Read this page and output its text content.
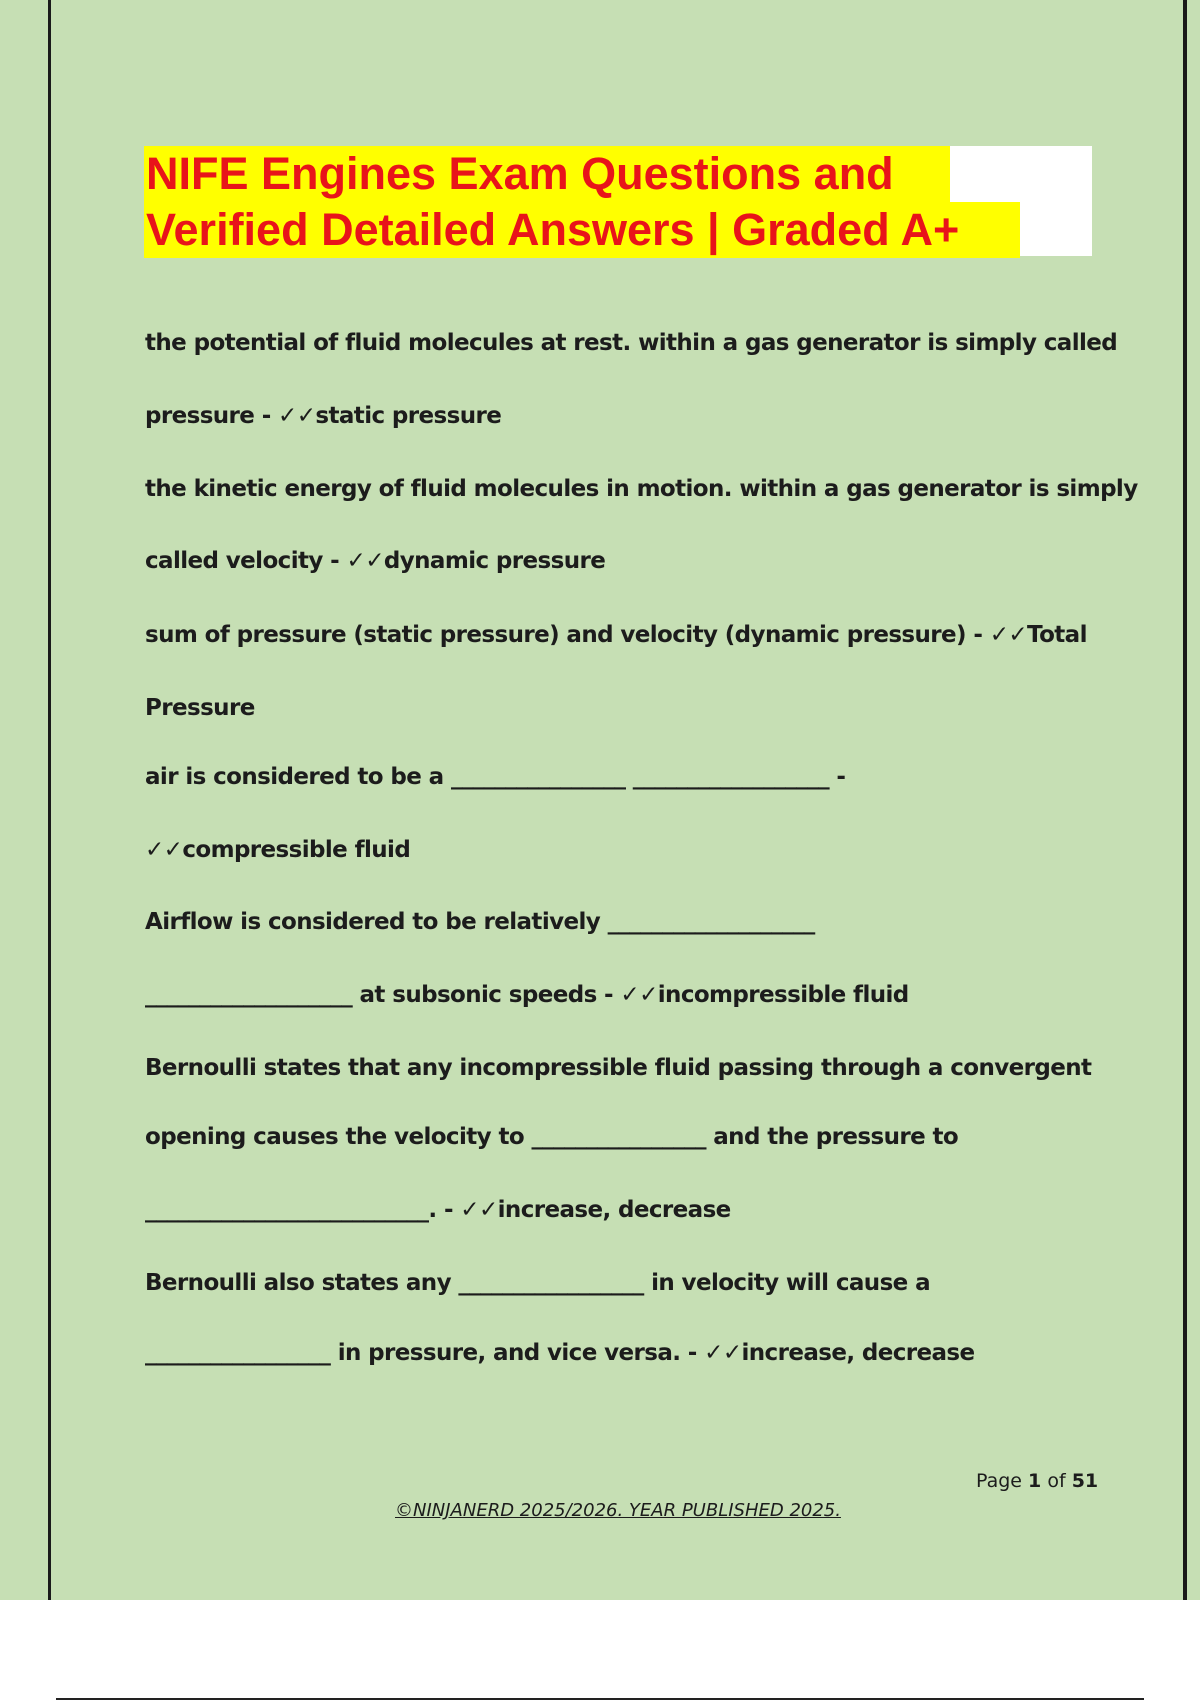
NIFE Engines Exam Questions and
Verified Detailed Answers | Graded A+
the potential of fluid molecules at rest. within a gas generator is simply called
pressure - ✓✓static pressure
the kinetic energy of fluid molecules in motion. within a gas generator is simply
called velocity - ✓✓dynamic pressure
sum of pressure (static pressure) and velocity (dynamic pressure) - ✓✓Total
Pressure
air is considered to be a ________________ __________________ -
✓✓compressible fluid
Airflow is considered to be relatively ___________________
___________________ at subsonic speeds - ✓✓incompressible fluid
Bernoulli states that any incompressible fluid passing through a convergent
opening causes the velocity to ________________ and the pressure to
__________________________. - ✓✓increase, decrease
Bernoulli also states any _________________ in velocity will cause a
_________________ in pressure, and vice versa. - ✓✓increase, decrease
Page 1 of 51
©NINJANERD 2025/2026. YEAR PUBLISHED 2025.
